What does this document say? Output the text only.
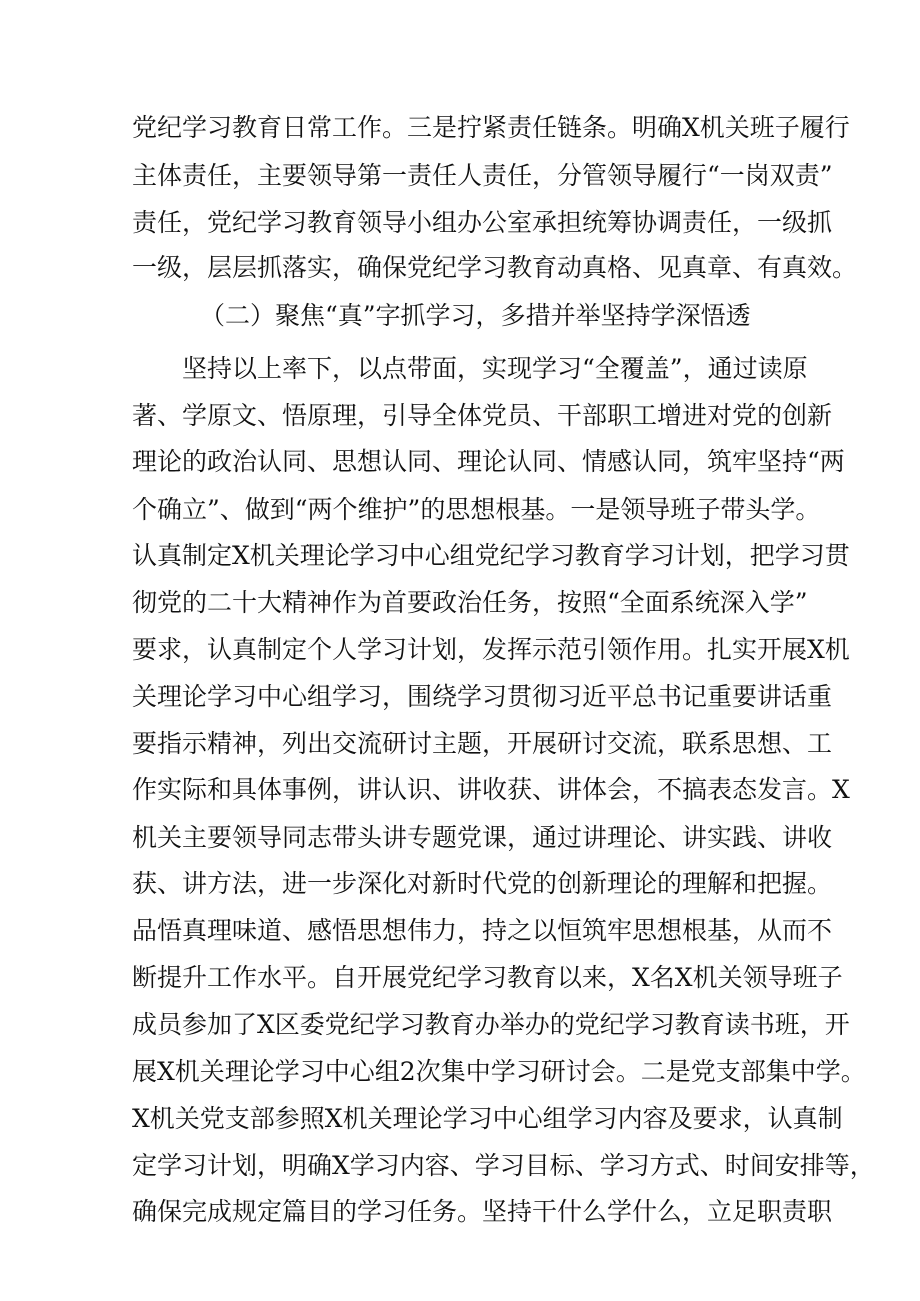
党纪学习教育日常工作。三是拧紧责任链条。明确X机关班子履行
主体责任，主要领导第一责任人责任，分管领导履行“一岗双责”
责任，党纪学习教育领导小组办公室承担统筹协调责任，一级抓
一级，层层抓落实，确保党纪学习教育动真格、见真章、有真效。
（二）聚焦“真”字抓学习，多措并举坚持学深悟透
坚持以上率下，以点带面，实现学习“全覆盖”，通过读原
著、学原文、悟原理，引导全体党员、干部职工增进对党的创新
理论的政治认同、思想认同、理论认同、情感认同，筑牢坚持“两
个确立”、做到“两个维护”的思想根基。一是领导班子带头学。
认真制定X机关理论学习中心组党纪学习教育学习计划，把学习贯
彻党的二十大精神作为首要政治任务，按照“全面系统深入学”
要求，认真制定个人学习计划，发挥示范引领作用。扎实开展X机
关理论学习中心组学习，围绕学习贯彻习近平总书记重要讲话重
要指示精神，列出交流研讨主题，开展研讨交流，联系思想、工
作实际和具体事例，讲认识、讲收获、讲体会，不搞表态发言。X
机关主要领导同志带头讲专题党课，通过讲理论、讲实践、讲收
获、讲方法，进一步深化对新时代党的创新理论的理解和把握。
品悟真理味道、感悟思想伟力，持之以恒筑牢思想根基，从而不
断提升工作水平。自开展党纪学习教育以来，X名X机关领导班子
成员参加了X区委党纪学习教育办举办的党纪学习教育读书班，开
展X机关理论学习中心组2次集中学习研讨会。二是党支部集中学。
X机关党支部参照X机关理论学习中心组学习内容及要求，认真制
定学习计划，明确X学习内容、学习目标、学习方式、时间安排等，
确保完成规定篇目的学习任务。坚持干什么学什么，立足职责职
